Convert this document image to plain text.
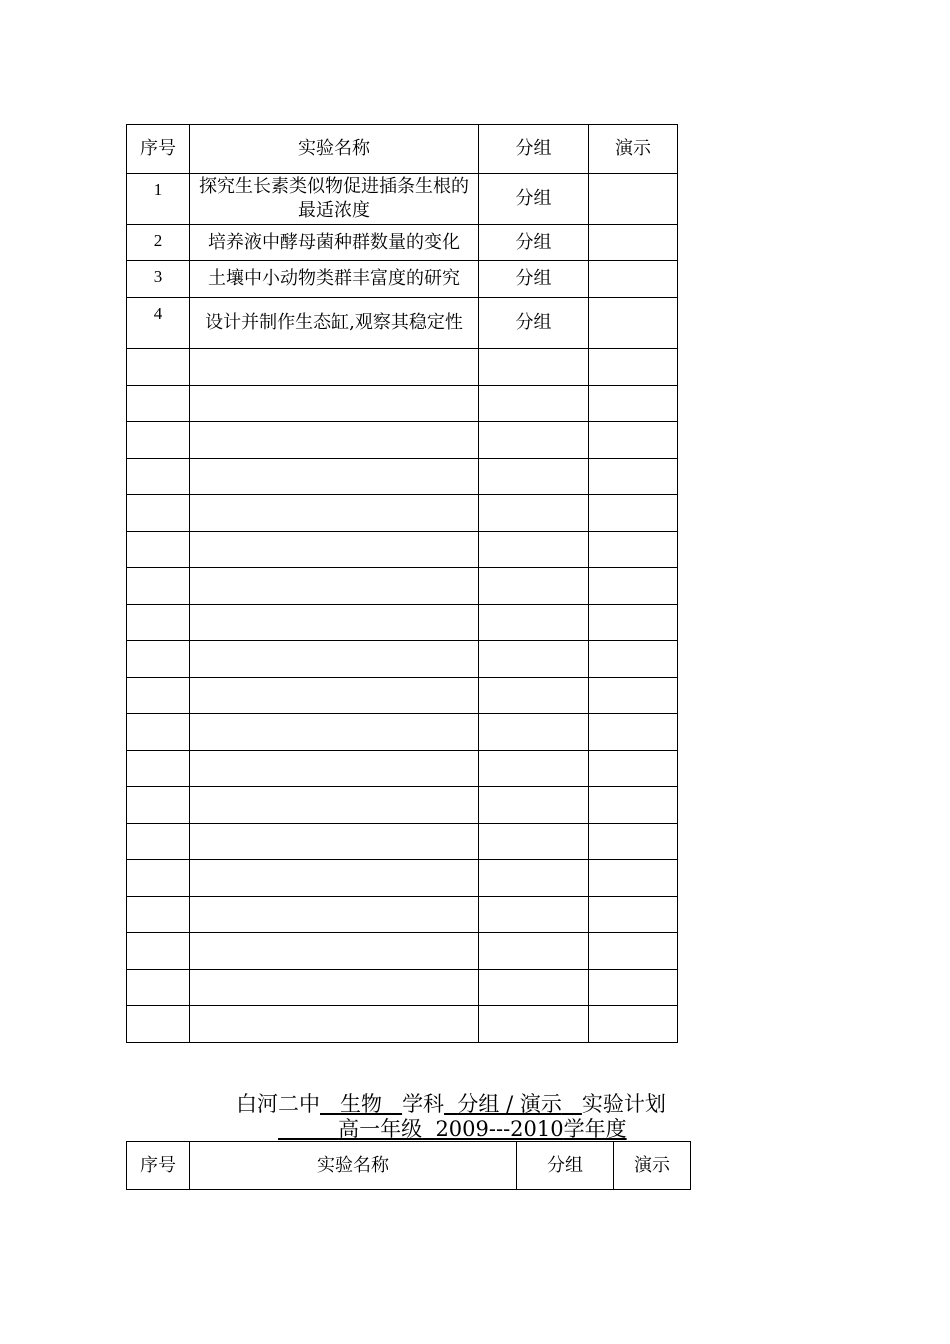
序号	实验名称	分组	演示
1	探究生长素类似物促进插条生根的最适浓度	分组	
2	培养液中酵母菌种群数量的变化	分组	
3	土壤中小动物类群丰富度的研究	分组	
4	设计并制作生态缸,观察其稳定性	分组	

白河二中 生物 学科 分组 / 演示 实验计划
高一年级 2009---2010学年度
序号	实验名称	分组	演示
